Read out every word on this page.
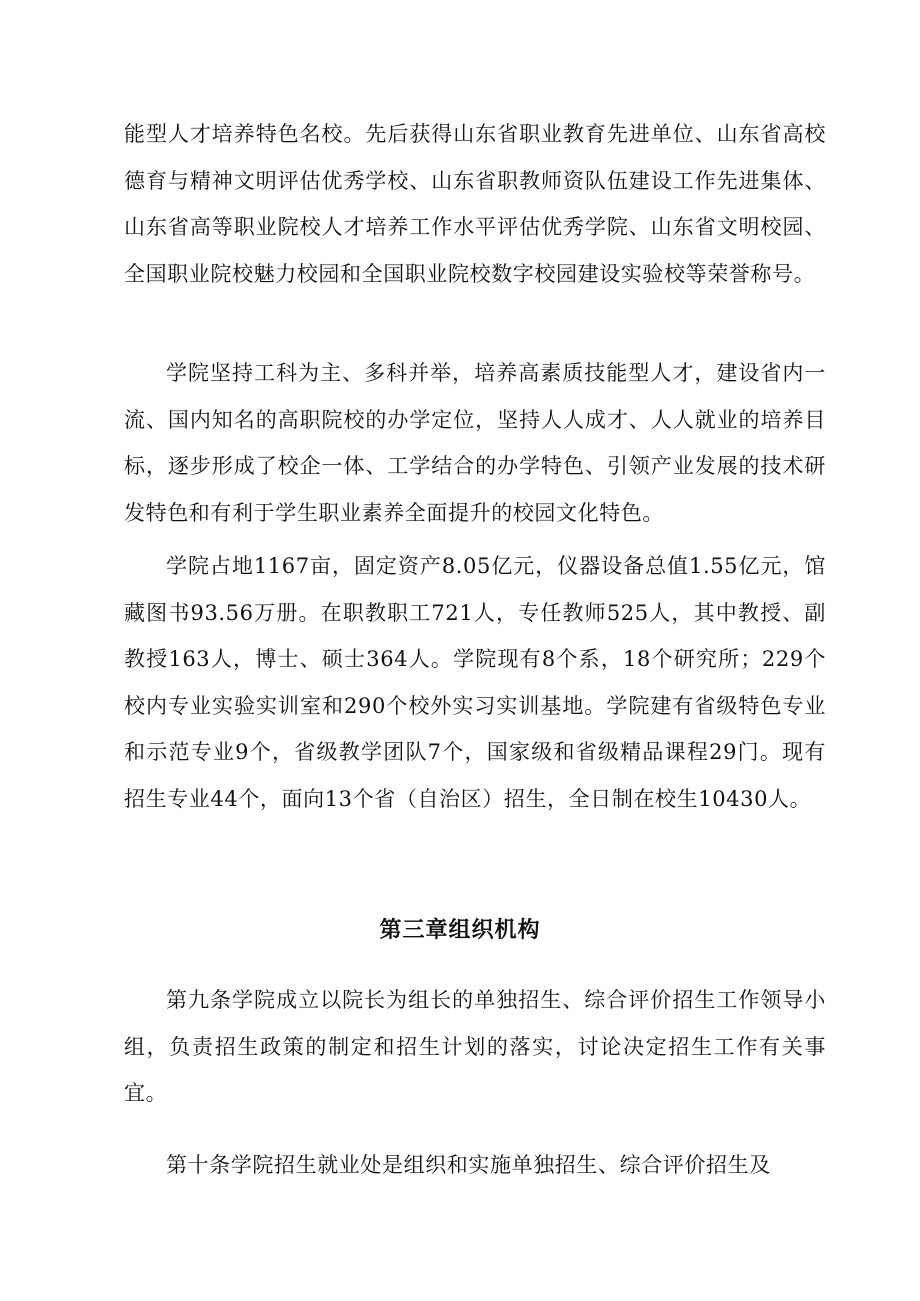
能型人才培养特色名校。先后获得山东省职业教育先进单位、山东省高校德育与精神文明评估优秀学校、山东省职教师资队伍建设工作先进集体、山东省高等职业院校人才培养工作水平评估优秀学院、山东省文明校园、全国职业院校魅力校园和全国职业院校数字校园建设实验校等荣誉称号。

学院坚持工科为主、多科并举，培养高素质技能型人才，建设省内一流、国内知名的高职院校的办学定位，坚持人人成才、人人就业的培养目标，逐步形成了校企一体、工学结合的办学特色、引领产业发展的技术研发特色和有利于学生职业素养全面提升的校园文化特色。

学院占地1167亩，固定资产8.05亿元，仪器设备总值1.55亿元，馆藏图书93.56万册。在职教职工721人，专任教师525人，其中教授、副教授163人，博士、硕士364人。学院现有8个系，18个研究所；229个校内专业实验实训室和290个校外实习实训基地。学院建有省级特色专业和示范专业9个，省级教学团队7个，国家级和省级精品课程29门。现有招生专业44个，面向13个省（自治区）招生，全日制在校生10430人。

第三章组织机构

第九条学院成立以院长为组长的单独招生、综合评价招生工作领导小组，负责招生政策的制定和招生计划的落实，讨论决定招生工作有关事宜。

第十条学院招生就业处是组织和实施单独招生、综合评价招生及
